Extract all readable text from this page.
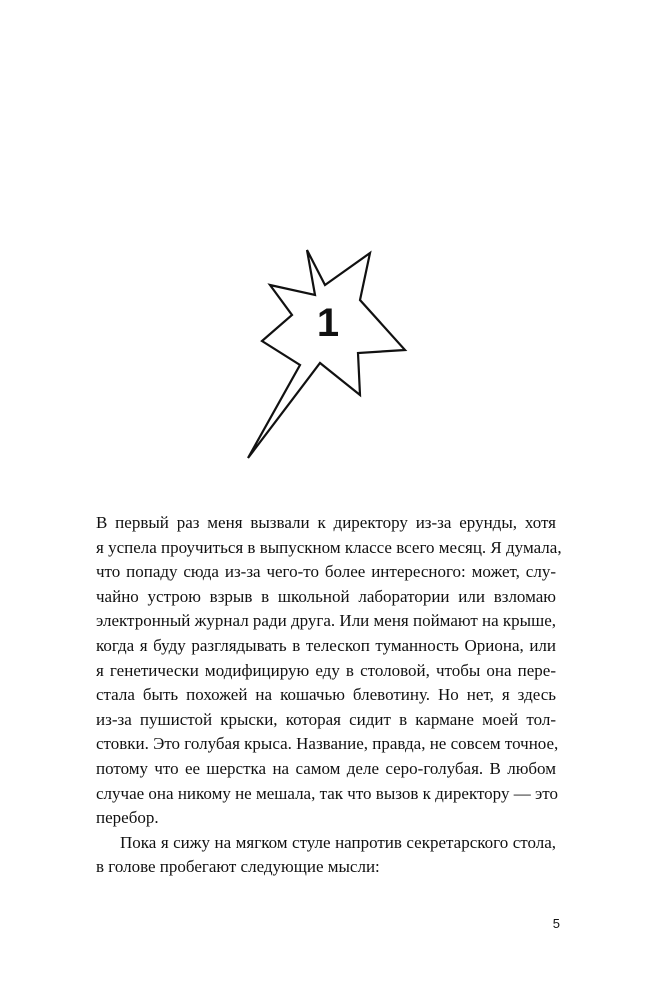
1
В первый раз меня вызвали к директору из-за ерунды, хотя
я успела проучиться в выпускном классе всего месяц. Я думала,
что попаду сюда из-за чего-то более интересного: может, слу-
чайно устрою взрыв в школьной лаборатории или взломаю
электронный журнал ради друга. Или меня поймают на крыше,
когда я буду разглядывать в телескоп туманность Ориона, или
я генетически модифицирую еду в столовой, чтобы она пере-
стала быть похожей на кошачью блевотину. Но нет, я здесь
из-за пушистой крыски, которая сидит в кармане моей тол-
стовки. Это голубая крыса. Название, правда, не совсем точное,
потому что ее шерстка на самом деле серо-голубая. В любом
случае она никому не мешала, так что вызов к директору — это
перебор.
Пока я сижу на мягком стуле напротив секретарского стола,
в голове пробегают следующие мысли:
5
